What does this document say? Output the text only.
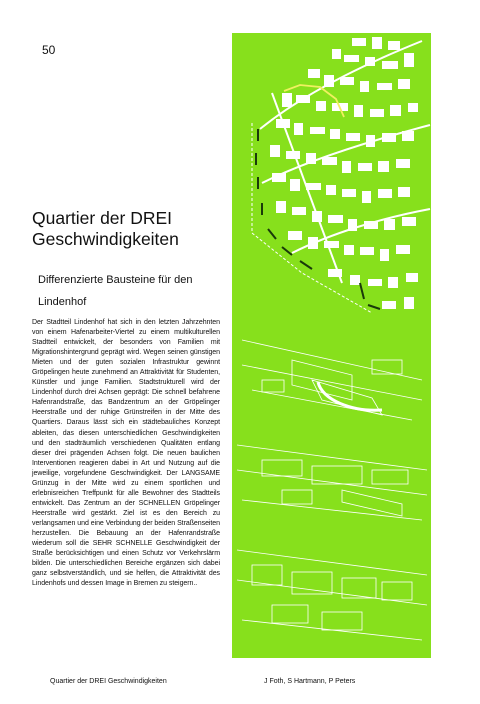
50
Quartier der DREI Geschwindigkeiten
Differenzierte Bausteine für den Lindenhof

Der Stadtteil Lindenhof hat sich in den letzten Jahrzehnten von einem Hafenarbeiter-Viertel zu einem multikulturellen Stadtteil entwickelt, der besonders von Familien mit Migrationshintergrund geprägt wird. Wegen seinen günstigen Mieten und der guten sozialen Infrastruktur gewinnt Gröpelingen heute zunehmend an Attraktivität für Studenten, Künstler und junge Familien. Stadtstrukturell wird der Lindenhof durch drei Achsen geprägt: Die schnell befahrene Hafenrandstraße, das Bandzentrum an der Gröpelinger Heerstraße und der ruhige Grünstreifen in der Mitte des Quartiers. Daraus lässt sich ein städtebauliches Konzept ableiten, das diesen unterschiedlichen Geschwindigkeiten und den stadträumlich verschiedenen Qualitäten entlang dieser drei prägenden Achsen folgt. Die neuen baulichen Interventionen reagieren dabei in Art und Nutzung auf die jeweilige, vorgefundene Geschwindigkeit. Der LANGSAME Grünzug in der Mitte wird zu einem sportlichen und erlebnisreichen Treffpunkt für alle Bewohner des Stadtteils entwickelt. Das Zentrum an der SCHNELLEN Gröpelinger Heerstraße wird gestärkt. Ziel ist es den Bereich zu verlangsamen und eine Verbindung der beiden Straßenseiten herzustellen. Die Bebauung an der Hafenrandstraße wiederum soll die SEHR SCHNELLE Geschwindigkeit der Straße berücksichtigen und einen Schutz vor Verkehrslärm bilden. Die unterschiedlichen Bereiche ergänzen sich dabei ganz selbstverständlich, und sie helfen, die Attraktivität des Lindenhofs und dessen Image in Bremen zu steigern..

Quartier der DREI Geschwindigkeiten	J Foth, S Hartmann, P Peters
